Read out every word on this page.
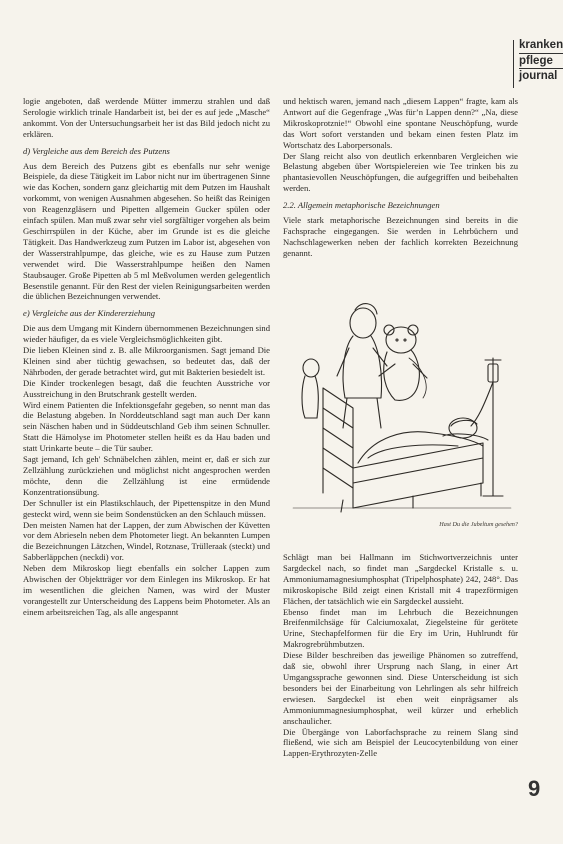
kranken
pflege
journal

logie angeboten, daß werdende Mütter immerzu strahlen und daß Serologie wirklich trinale Handarbeit ist, bei der es auf jede „Masche“ ankommt. Von der Untersuchungsarbeit her ist das Bild jedoch nicht zu erklären.

d) Vergleiche aus dem Bereich des Putzens

Aus dem Bereich des Putzens gibt es ebenfalls nur sehr wenige Beispiele, da diese Tätigkeit im Labor nicht nur im übertragenen Sinne wie das Kochen, sondern ganz gleichartig mit dem Putzen im Haushalt vorkommt, von wenigen Ausnahmen abgesehen. So heißt das Reinigen von Reagenzgläsern und Pipetten allgemein Gucker spülen oder einfach spülen. Man muß zwar sehr viel sorgfältiger vorgehen als beim Geschirrspülen in der Küche, aber im Grunde ist es die gleiche Tätigkeit. Das Handwerkzeug zum Putzen im Labor ist, abgesehen von der Wasserstrahlpumpe, das gleiche, wie es zu Hause zum Putzen verwendet wird. Die Wasserstrahlpumpe heißen den Namen Staubsauger. Große Pipetten ab 5 ml Meßvolumen werden gelegentlich Besenstile genannt. Für den Rest der vielen Reinigungsarbeiten werden die üblichen Bezeichnungen verwendet.

e) Vergleiche aus der Kindererziehung

Die aus dem Umgang mit Kindern übernommenen Bezeichnungen sind wieder häufiger, da es viele Vergleichsmöglichkeiten gibt.

Die lieben Kleinen sind z. B. alle Mikroorganismen. Sagt jemand Die Kleinen sind aber tüchtig gewachsen, so bedeutet das, daß der Nährboden, der gerade betrachtet wird, gut mit Bakterien besiedelt ist.

Die Kinder trockenlegen besagt, daß die feuchten Ausstriche vor Ausstreichung in den Brutschrank gestellt werden.

Wird einem Patienten die Infektionsgefahr gegeben, so nennt man das die Belastung abgeben. In Norddeutschland sagt man auch Der kann sein Näschen haben und in Süddeutschland Geb ihm seinen Schnuller. Statt die Hämolyse im Photometer stellen heißt es da Hau baden und statt Urinkarte beute – die Tür sauber.

Sagt jemand, Ich geh' Schnäbelchen zählen, meint er, daß er sich zur Zellzählung zurückziehen und möglichst nicht angesprochen werden möchte, denn die Zellzählung ist eine ermüdende Konzentrationsübung.

Der Schnuller ist ein Plastikschlauch, der Pipettenspitze in den Mund gesteckt wird, wenn sie beim Sondenstücken an den Schlauch müssen.

Den meisten Namen hat der Lappen, der zum Abwischen der Küvetten vor dem Abrieseln neben dem Photometer liegt. An bekannten Lumpen die Bezeichnungen Lätzchen, Windel, Rotznase, Trülleraak (steckt) und Sabberläppchen (neckdi) vor.

Neben dem Mikroskop liegt ebenfalls ein solcher Lappen zum Abwischen der Objektträger vor dem Einlegen ins Mikroskop. Er hat im wesentlichen die gleichen Namen, was wird der Muster vorangestellt zur Unterscheidung des Lappens beim Photometer. Als an einem arbeitsreichen Tag, als alle angespannt

und hektisch waren, jemand nach „diesem Lappen“ fragte, kam als Antwort auf die Gegenfrage „Was für’n Lappen denn?“ „Na, diese Mikroskoprotznie!“ Obwohl eine spontane Neuschöpfung, wurde das Wort sofort verstanden und bekam einen festen Platz im Wortschatz des Laborpersonals.

Der Slang reicht also von deutlich erkennbaren Vergleichen wie Belastung abgeben über Wortspielereien wie Tee trinken bis zu phantasievollen Neuschöpfungen, die aufgegriffen und beibehalten werden.

2.2. Allgemein metaphorische Bezeichnungen

Viele stark metaphorische Bezeichnungen sind bereits in die Fachsprache eingegangen. Sie werden in Lehrbüchern und Nachschlagewerken neben der fachlich korrekten Bezeichnung genannt.

Hast Du die Jubeltum gesehen?

Schlägt man bei Hallmann im Stichwortverzeichnis unter Sargdeckel nach, so findet man „Sargdeckel Kristalle s. u. Ammoniumamagnesiumphosphat (Tripelphosphate) 242, 248°. Das mikroskopische Bild zeigt einen Kristall mit 4 trapezförmigen Flächen, der tatsächlich wie ein Sargdeckel aussieht.

Ebenso findet man im Lehrbuch die Bezeichnungen Breifenmilchsäge für Calciumoxalat, Ziegelsteine für gerötete Urine, Stechapfelformen für die Ery im Urin, Huhlrundt für Makrogrebrühmbutzen.

Diese Bilder beschreiben das jeweilige Phänomen so zutreffend, daß sie, obwohl ihrer Ursprung nach Slang, in einer Art Umgangssprache gewonnen sind. Diese Unterscheidung ist sich besonders bei der Einarbeitung von Lehrlingen als sehr hilfreich erwiesen. Sargdeckel ist eben weit einprägsamer als Ammoniummagnesiumphosphat, weil kürzer und erheblich anschaulicher.

Die Übergänge von Laborfachsprache zu reinem Slang sind fließend, wie sich am Beispiel der Leucocytenbildung von einer Lappen-Erythrozyten-Zelle

9
